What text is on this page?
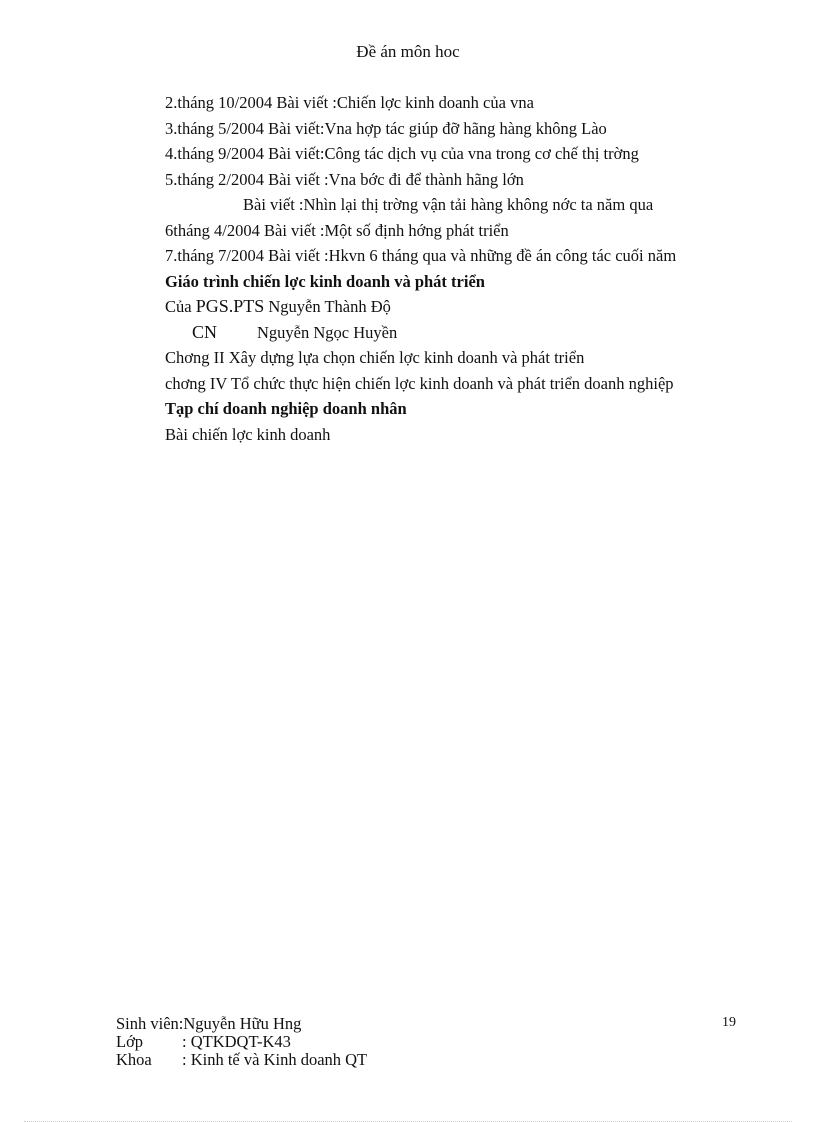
Đề án môn hoc
2.tháng 10/2004 Bài viết :Chiến lợc kinh doanh của vna
3.tháng 5/2004 Bài viết:Vna hợp tác giúp đỡ hãng hàng không Lào
4.tháng 9/2004 Bài viết:Công tác dịch vụ của vna trong cơ chế thị trờng
5.tháng 2/2004 Bài viết :Vna bớc đi để thành hãng lớn
Bài viết :Nhìn lại thị trờng vận tải hàng không nớc ta năm qua
6tháng 4/2004 Bài viết :Một số định hớng phát triển
7.tháng 7/2004 Bài viết :Hkvn 6 tháng qua và những đề án công tác cuối năm
Giáo trình chiến lợc kinh doanh và phát triển
Của PGS.PTS Nguyễn Thành Độ
CN Nguyễn Ngọc Huyền
Chơng II Xây dựng lựa chọn chiến lợc kinh doanh và phát triển
chơng IV Tổ chức thực hiện chiến lợc kinh doanh và phát triển doanh nghiệp
Tạp chí doanh nghiệp doanh nhân
Bài chiến lợc kinh doanh
Sinh viên:Nguyễn Hữu Hng
Lớp : QTKDQT-K43
Khoa : Kinh tế và Kinh doanh QT
19
